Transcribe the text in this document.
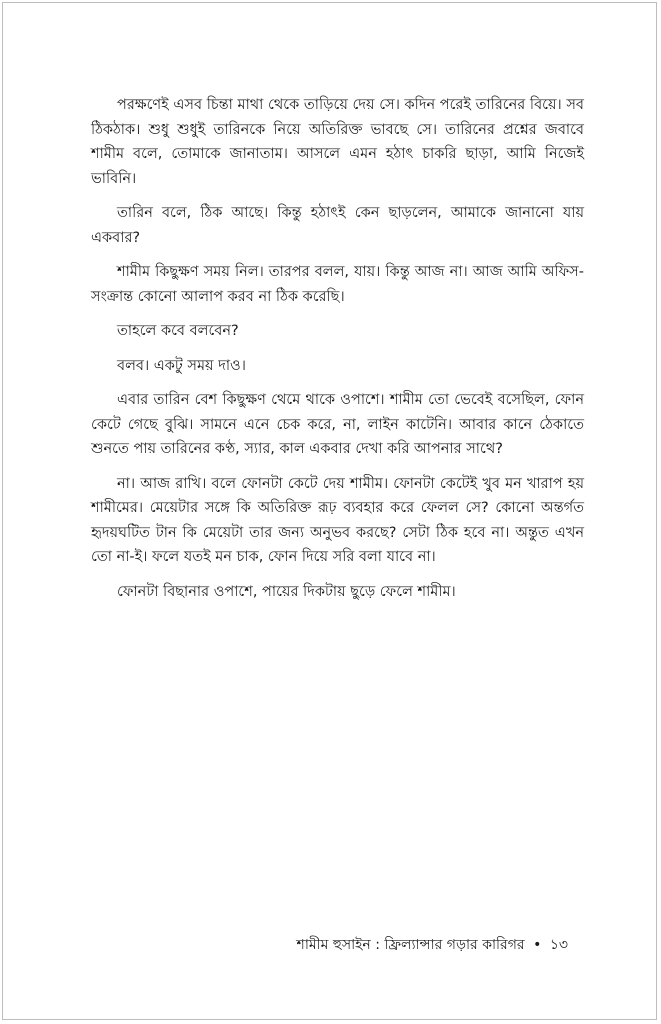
পরক্ষণেই এসব চিন্তা মাথা থেকে তাড়িয়ে দেয় সে। কদিন পরেই তারিনের বিয়ে। সব ঠিকঠাক। শুধু শুধুই তারিনকে নিয়ে অতিরিক্ত ভাবছে সে। তারিনের প্রশ্নের জবাবে শামীম বলে, তোমাকে জানাতাম। আসলে এমন হঠাৎ চাকরি ছাড়া, আমি নিজেই ভাবিনি।

তারিন বলে, ঠিক আছে। কিন্তু হঠাৎই কেন ছাড়লেন, আমাকে জানানো যায় একবার?

শামীম কিছুক্ষণ সময় নিল। তারপর বলল, যায়। কিন্তু আজ না। আজ আমি অফিস-সংক্রান্ত কোনো আলাপ করব না ঠিক করেছি।

তাহলে কবে বলবেন?

বলব। একটু সময় দাও।

এবার তারিন বেশ কিছুক্ষণ থেমে থাকে ওপাশে। শামীম তো ভেবেই বসেছিল, ফোন কেটে গেছে বুঝি। সামনে এনে চেক করে, না, লাইন কাটেনি। আবার কানে ঠেকাতে শুনতে পায় তারিনের কণ্ঠ, স্যার, কাল একবার দেখা করি আপনার সাথে?

না। আজ রাখি। বলে ফোনটা কেটে দেয় শামীম। ফোনটা কেটেই খুব মন খারাপ হয় শামীমের। মেয়েটার সঙ্গে কি অতিরিক্ত রূঢ় ব্যবহার করে ফেলল সে? কোনো অন্তর্গত হৃদয়ঘটিত টান কি মেয়েটা তার জন্য অনুভব করছে? সেটা ঠিক হবে না। অন্তুত এখন তো না-ই। ফলে যতই মন চাক, ফোন দিয়ে সরি বলা যাবে না।

ফোনটা বিছানার ওপাশে, পায়ের দিকটায় ছুড়ে ফেলে শামীম।

শামীম হুসাইন : ফ্রিল্যান্সার গড়ার কারিগর • ১৩
